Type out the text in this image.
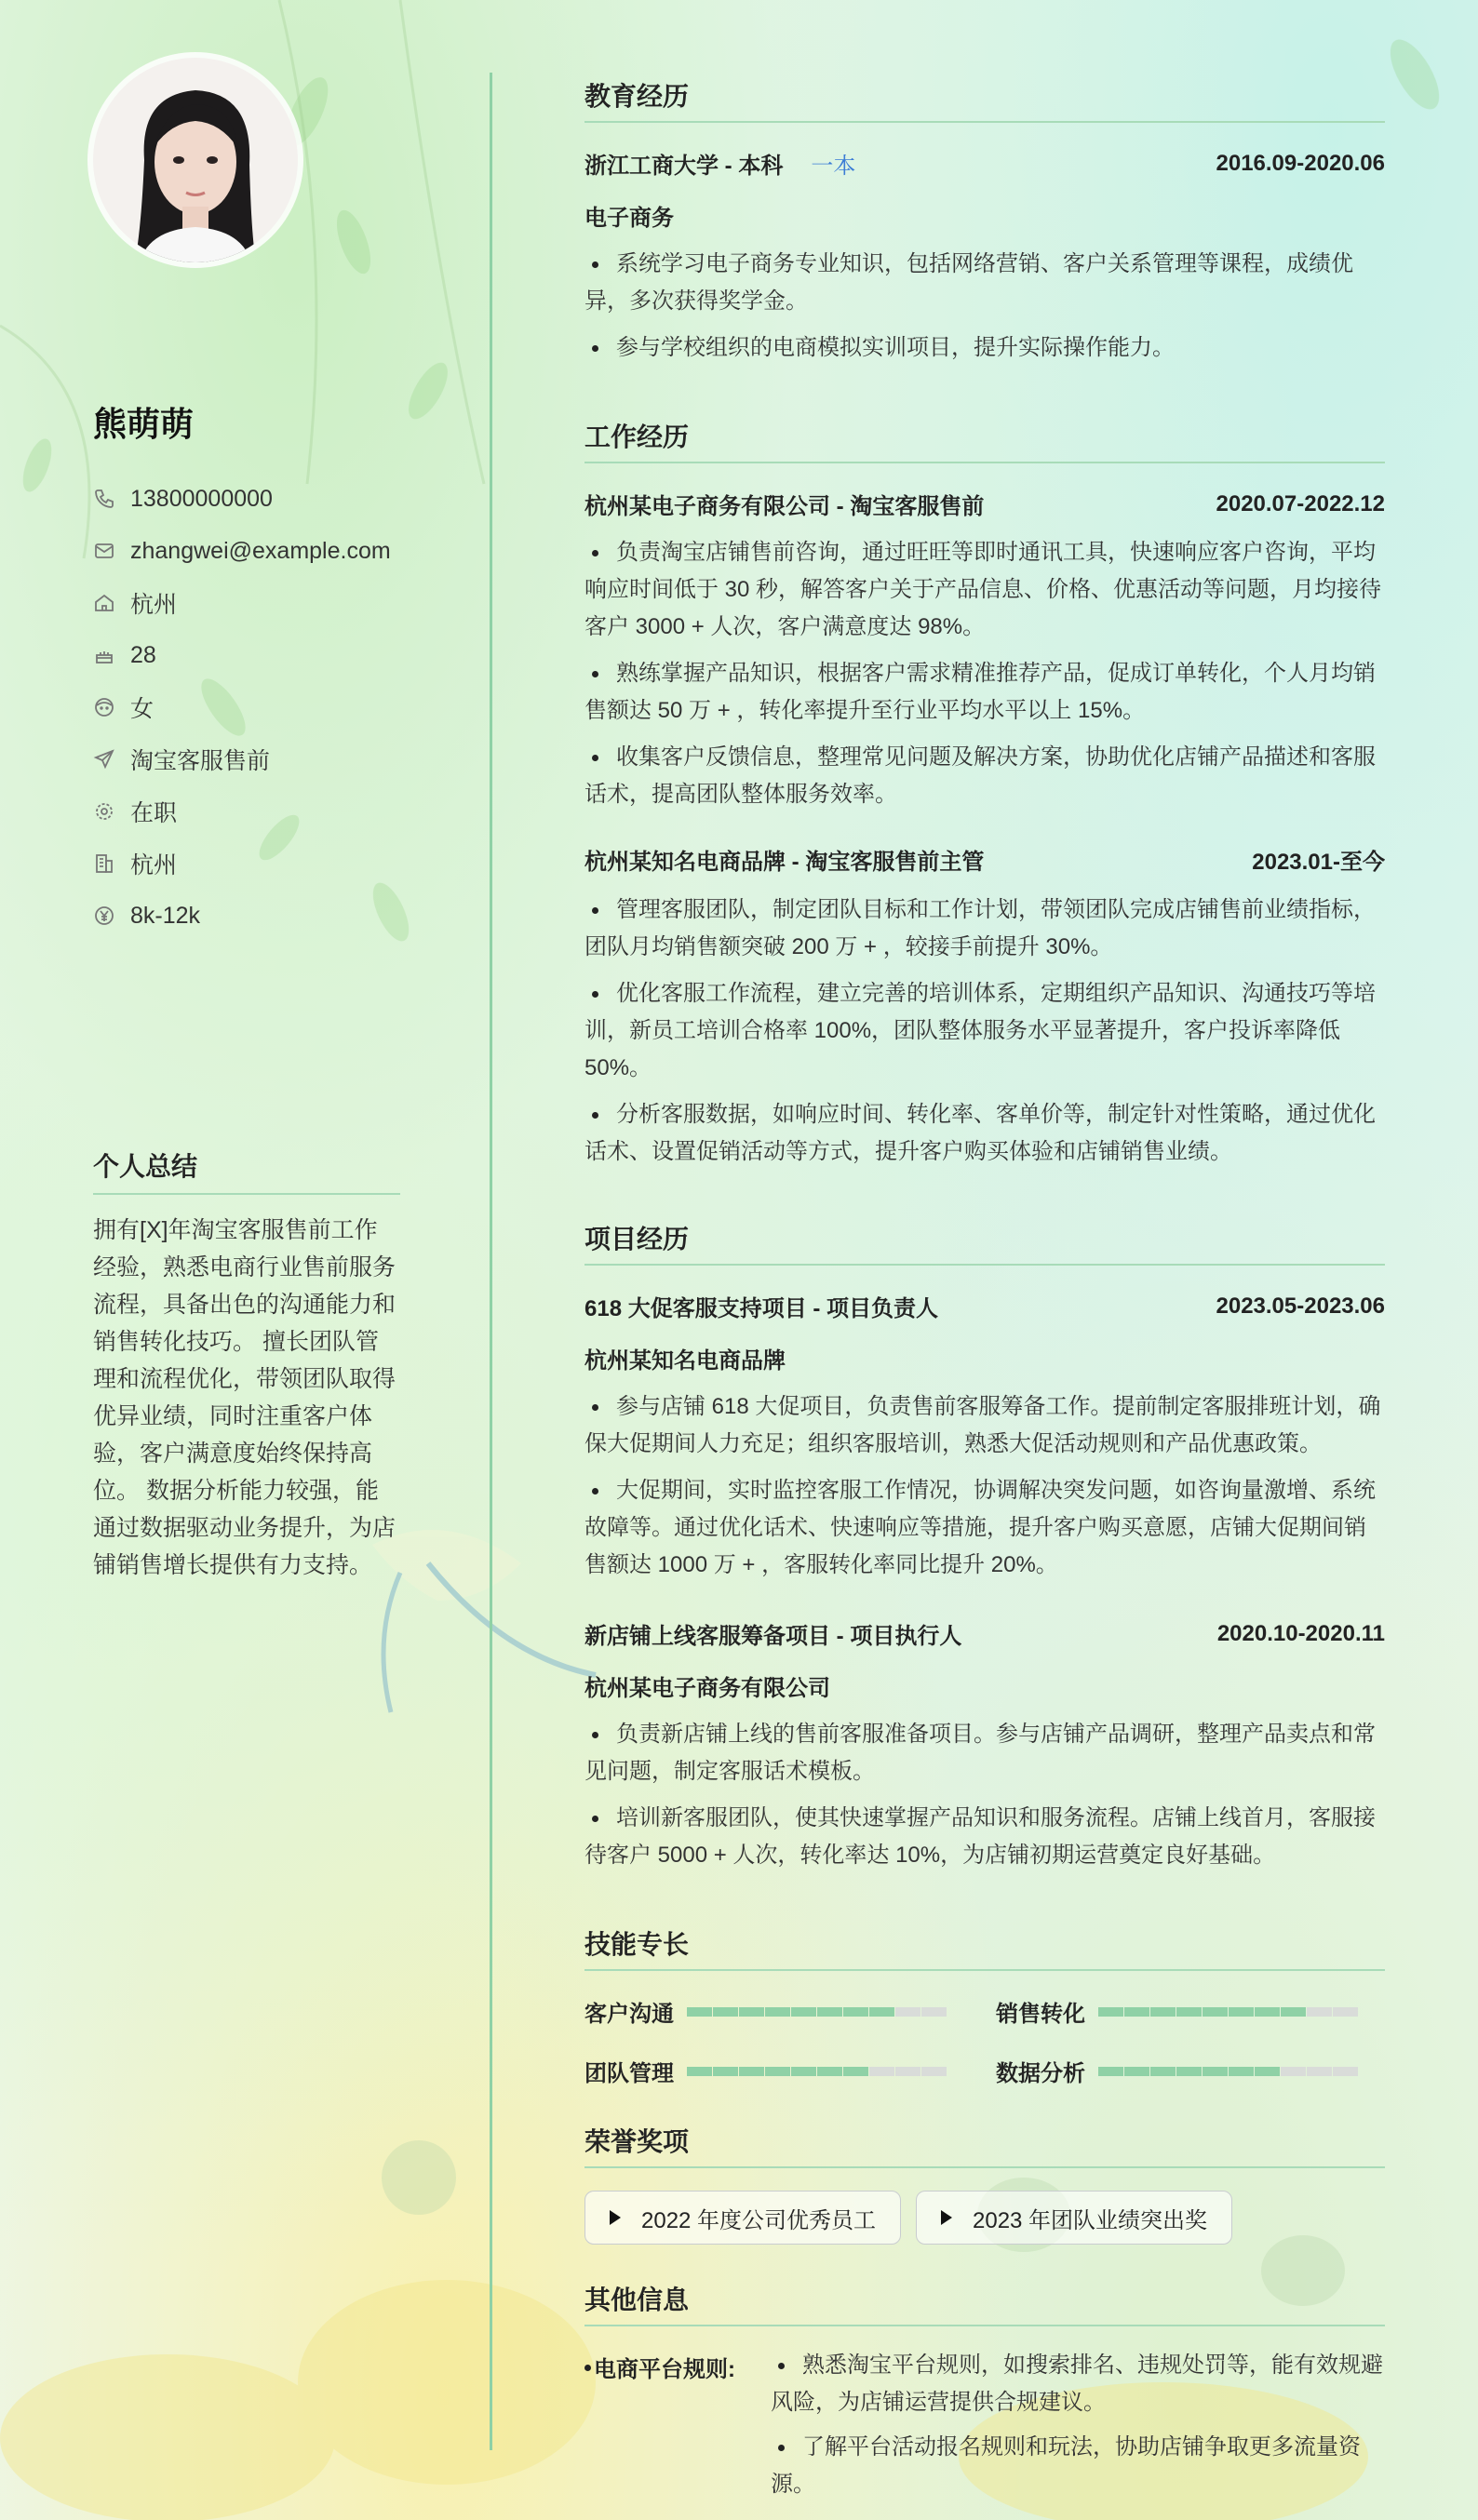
熊萌萌
13800000000
zhangwei@example.com
杭州
28
女
淘宝客服售前
在职
杭州
8k-12k
个人总结

拥有[X]年淘宝客服售前工作经验，熟悉电商行业售前服务流程，具备出色的沟通能力和销售转化技巧。 擅长团队管理和流程优化，带领团队取得优异业绩，同时注重客户体验，客户满意度始终保持高位。 数据分析能力较强，能通过数据驱动业务提升，为店铺销售增长提供有力支持。

教育经历
浙江工商大学 - 本科 一本	2016.09-2020.06
电子商务
系统学习电子商务专业知识，包括网络营销、客户关系管理等课程，成绩优异，多次获得奖学金。
参与学校组织的电商模拟实训项目，提升实际操作能力。
工作经历
杭州某电子商务有限公司 - 淘宝客服售前	2020.07-2022.12
负责淘宝店铺售前咨询，通过旺旺等即时通讯工具，快速响应客户咨询，平均响应时间低于 30 秒，解答客户关于产品信息、价格、优惠活动等问题，月均接待客户 3000 + 人次，客户满意度达 98%。
熟练掌握产品知识，根据客户需求精准推荐产品，促成订单转化，个人月均销售额达 50 万 + ，转化率提升至行业平均水平以上 15%。
收集客户反馈信息，整理常见问题及解决方案，协助优化店铺产品描述和客服话术，提高团队整体服务效率。
杭州某知名电商品牌 - 淘宝客服售前主管	2023.01-至今
管理客服团队，制定团队目标和工作计划，带领团队完成店铺售前业绩指标，团队月均销售额突破 200 万 + ，较接手前提升 30%。
优化客服工作流程，建立完善的培训体系，定期组织产品知识、沟通技巧等培训，新员工培训合格率 100%，团队整体服务水平显著提升，客户投诉率降低 50%。
分析客服数据，如响应时间、转化率、客单价等，制定针对性策略，通过优化话术、设置促销活动等方式，提升客户购买体验和店铺销售业绩。
项目经历
618 大促客服支持项目 - 项目负责人	2023.05-2023.06
杭州某知名电商品牌
参与店铺 618 大促项目，负责售前客服筹备工作。提前制定客服排班计划，确保大促期间人力充足；组织客服培训，熟悉大促活动规则和产品优惠政策。
大促期间，实时监控客服工作情况，协调解决突发问题，如咨询量激增、系统故障等。通过优化话术、快速响应等措施，提升客户购买意愿，店铺大促期间销售额达 1000 万 + ，客服转化率同比提升 20%。
新店铺上线客服筹备项目 - 项目执行人	2020.10-2020.11
杭州某电子商务有限公司
负责新店铺上线的售前客服准备项目。参与店铺产品调研，整理产品卖点和常见问题，制定客服话术模板。
培训新客服团队，使其快速掌握产品知识和服务流程。店铺上线首月，客服接待客户 5000 + 人次，转化率达 10%，为店铺初期运营奠定良好基础。
技能专长
客户沟通	销售转化
团队管理	数据分析
荣誉奖项
2022 年度公司优秀员工	2023 年团队业绩突出奖
其他信息
电商平台规则:	熟悉淘宝平台规则，如搜索排名、违规处罚等，能有效规避风险，为店铺运营提供合规建议。
了解平台活动报名规则和玩法，协助店铺争取更多流量资源。
